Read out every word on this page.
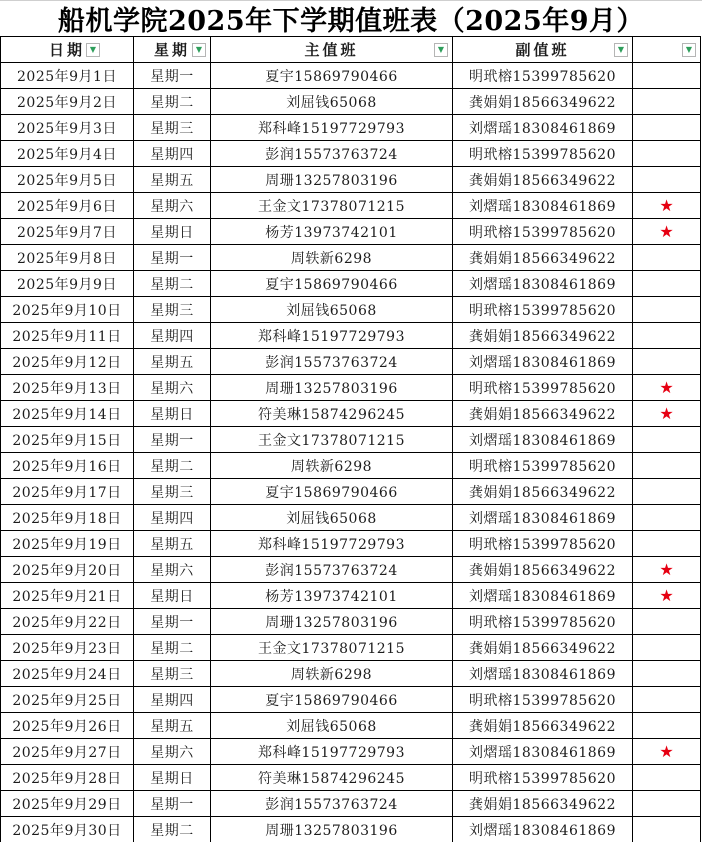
船机学院2025年下学期值班表（2025年9月）
日期 ▼	星期 ▼	主值班 ▼	副值班 ▼	▼

2025年9月1日	星期一	夏宇15869790466	明玳榕15399785620	
2025年9月2日	星期二	刘屈钱65068	龚娟娟18566349622	
2025年9月3日	星期三	郑科峰15197729793	刘熠瑶18308461869	
2025年9月4日	星期四	彭润15573763724	明玳榕15399785620	
2025年9月5日	星期五	周珊13257803196	龚娟娟18566349622	
2025年9月6日	星期六	王金文17378071215	刘熠瑶18308461869	★
2025年9月7日	星期日	杨芳13973742101	明玳榕15399785620	★
2025年9月8日	星期一	周轶新6298	龚娟娟18566349622	
2025年9月9日	星期二	夏宇15869790466	刘熠瑶18308461869	
2025年9月10日	星期三	刘屈钱65068	明玳榕15399785620	
2025年9月11日	星期四	郑科峰15197729793	龚娟娟18566349622	
2025年9月12日	星期五	彭润15573763724	刘熠瑶18308461869	
2025年9月13日	星期六	周珊13257803196	明玳榕15399785620	★
2025年9月14日	星期日	符美琳15874296245	龚娟娟18566349622	★
2025年9月15日	星期一	王金文17378071215	刘熠瑶18308461869	
2025年9月16日	星期二	周轶新6298	明玳榕15399785620	
2025年9月17日	星期三	夏宇15869790466	龚娟娟18566349622	
2025年9月18日	星期四	刘屈钱65068	刘熠瑶18308461869	
2025年9月19日	星期五	郑科峰15197729793	明玳榕15399785620	
2025年9月20日	星期六	彭润15573763724	龚娟娟18566349622	★
2025年9月21日	星期日	杨芳13973742101	刘熠瑶18308461869	★
2025年9月22日	星期一	周珊13257803196	明玳榕15399785620	
2025年9月23日	星期二	王金文17378071215	龚娟娟18566349622	
2025年9月24日	星期三	周轶新6298	刘熠瑶18308461869	
2025年9月25日	星期四	夏宇15869790466	明玳榕15399785620	
2025年9月26日	星期五	刘屈钱65068	龚娟娟18566349622	
2025年9月27日	星期六	郑科峰15197729793	刘熠瑶18308461869	★
2025年9月28日	星期日	符美琳15874296245	明玳榕15399785620	
2025年9月29日	星期一	彭润15573763724	龚娟娟18566349622	
2025年9月30日	星期二	周珊13257803196	刘熠瑶18308461869	
